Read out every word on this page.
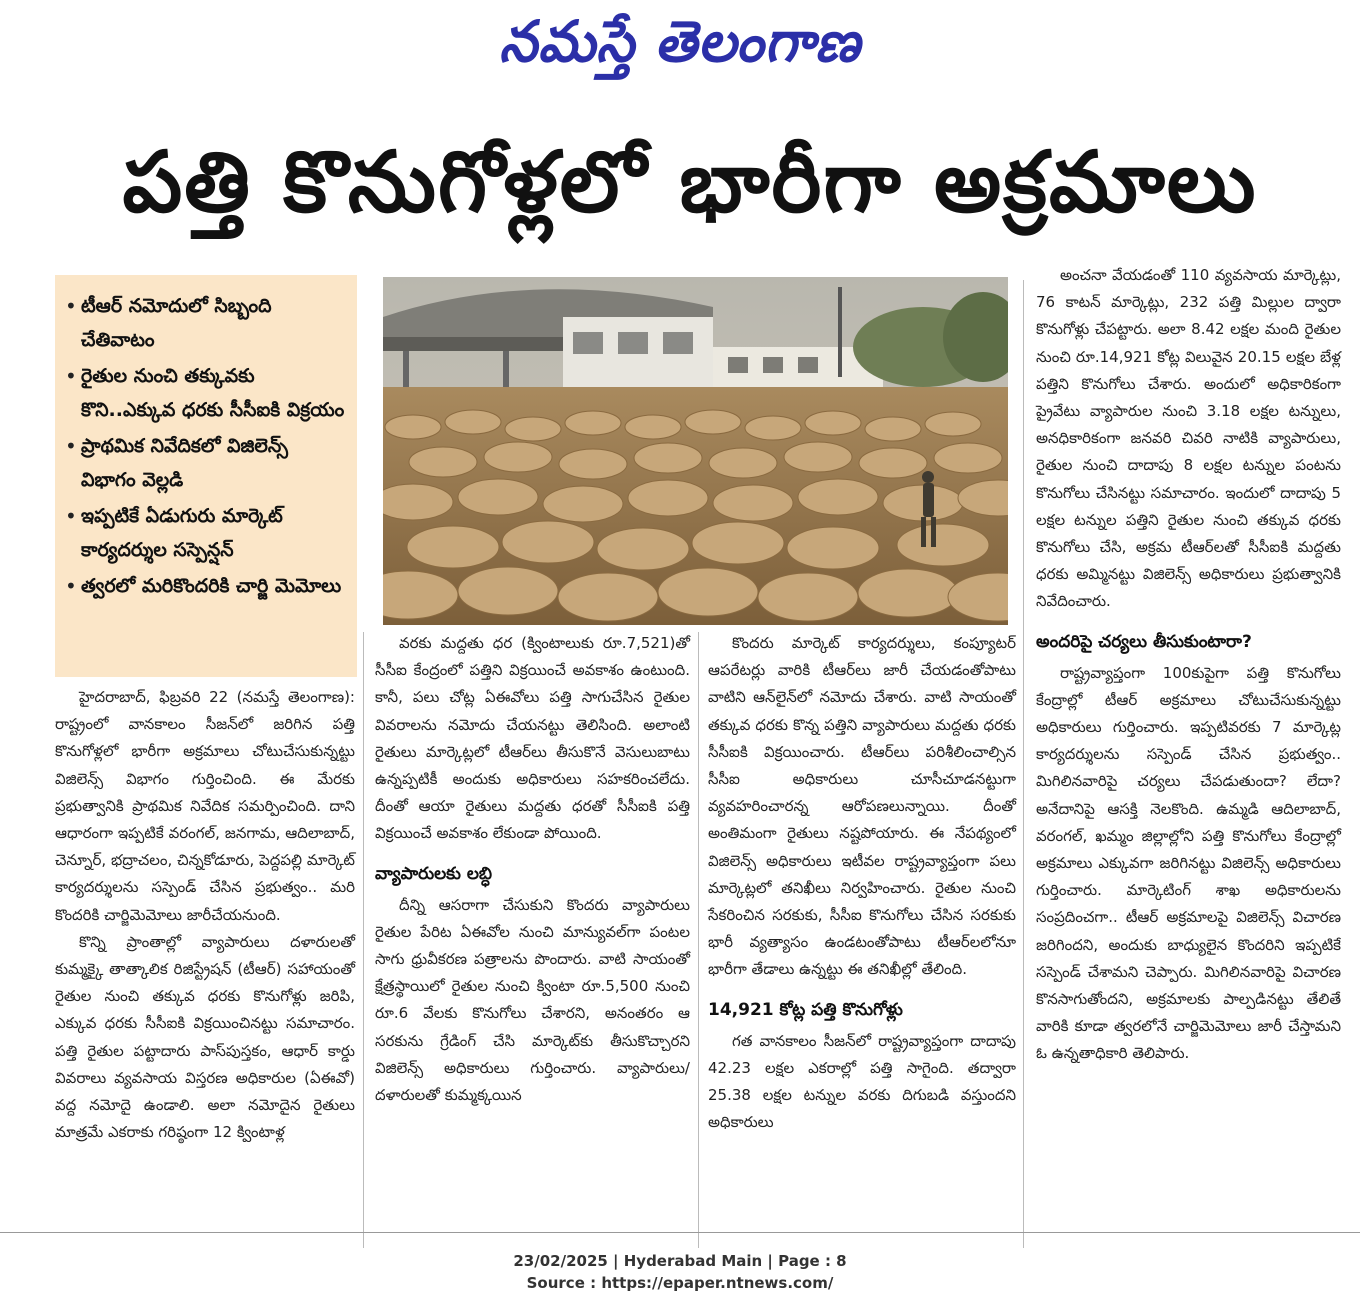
నమస్తే తెలంగాణ
పత్తి కొనుగోళ్లలో భారీగా అక్రమాలు
• టీఆర్ నమోదులో సిబ్బంది చేతివాటం
• రైతుల నుంచి తక్కువకు కొని..ఎక్కువ ధరకు సీసీఐకి విక్రయం
• ప్రాథమిక నివేదికలో విజిలెన్స్ విభాగం వెల్లడి
• ఇప్పటికే ఏడుగురు మార్కెట్ కార్యదర్శుల సస్పెన్షన్
• త్వరలో మరికొందరికి చార్జి మెమోలు

హైదరాబాద్, ఫిబ్రవరి 22 (నమస్తే తెలంగాణ): రాష్ట్రంలో వానకాలం సీజన్‌లో జరిగిన పత్తి కొనుగోళ్లలో భారీగా అక్రమాలు చోటుచేసుకున్నట్టు విజిలెన్స్ విభాగం గుర్తించింది. ఈ మేరకు ప్రభుత్వానికి ప్రాథమిక నివేదిక సమర్పించింది. దాని ఆధారంగా ఇప్పటికే వరంగల్, జనగామ, ఆదిలాబాద్, చెన్నూర్, భద్రాచలం, చిన్నకోడూరు, పెద్దపల్లి మార్కెట్ కార్యదర్శులను సస్పెండ్ చేసిన ప్రభుత్వం.. మరి కొందరికి చార్జిమెమోలు జారీచేయనుంది.

కొన్ని ప్రాంతాల్లో వ్యాపారులు దళారులతో కుమ్మక్కై తాత్కాలిక రిజిస్ట్రేషన్ (టీఆర్) సహాయంతో రైతుల నుంచి తక్కువ ధరకు కొనుగోళ్లు జరిపి, ఎక్కువ ధరకు సీసీఐకి విక్రయించినట్టు సమాచారం. పత్తి రైతుల పట్టాదారు పాస్‌పుస్తకం, ఆధార్ కార్డు వివరాలు వ్యవసాయ విస్తరణ అధికారుల (ఏఈవో) వద్ద నమోదై ఉండాలి. అలా నమోదైన రైతులు మాత్రమే ఎకరాకు గరిష్ఠంగా 12 క్వింటాళ్ల

వరకు మద్దతు ధర (క్వింటాలుకు రూ.7,521)తో సీసీఐ కేంద్రంలో పత్తిని విక్రయించే అవకాశం ఉంటుంది. కానీ, పలు చోట్ల ఏఈవోలు పత్తి సాగుచేసిన రైతుల వివరాలను నమోదు చేయనట్టు తెలిసింది. అలాంటి రైతులు మార్కెట్లలో టీఆర్‌లు తీసుకొనే వెసులుబాటు ఉన్నప్పటికీ అందుకు అధికారులు సహకరించలేదు. దీంతో ఆయా రైతులు మద్దతు ధరతో సీసీఐకి పత్తి విక్రయించే అవకాశం లేకుండా పోయింది.

వ్యాపారులకు లబ్ధి

దీన్ని ఆసరాగా చేసుకుని కొందరు వ్యాపారులు రైతుల పేరిట ఏఈవోల నుంచి మాన్యువల్‌గా పంటల సాగు ధ్రువీకరణ పత్రాలను పొందారు. వాటి సాయంతో క్షేత్రస్థాయిలో రైతుల నుంచి క్వింటా రూ.5,500 నుంచి రూ.6 వేలకు కొనుగోలు చేశారని, అనంతరం ఆ సరకును గ్రేడింగ్ చేసి మార్కెట్‌కు తీసుకొచ్చారని విజిలెన్స్ అధికారులు గుర్తించారు. వ్యాపారులు/దళారులతో కుమ్మక్కయిన

కొందరు మార్కెట్ కార్యదర్శులు, కంప్యూటర్ ఆపరేటర్లు వారికి టీఆర్‌లు జారీ చేయడంతోపాటు వాటిని ఆన్‌లైన్‌లో నమోదు చేశారు. వాటి సాయంతో తక్కువ ధరకు కొన్న పత్తిని వ్యాపారులు మద్దతు ధరకు సీసీఐకి విక్రయించారు. టీఆర్‌లు పరిశీలించాల్సిన సీసీఐ అధికారులు చూసీచూడనట్టుగా వ్యవహరించారన్న ఆరోపణలున్నాయి. దీంతో అంతిమంగా రైతులు నష్టపోయారు. ఈ నేపథ్యంలో విజిలెన్స్ అధికారులు ఇటీవల రాష్ట్రవ్యాప్తంగా పలు మార్కెట్లలో తనిఖీలు నిర్వహించారు. రైతుల నుంచి సేకరించిన సరకుకు, సీసీఐ కొనుగోలు చేసిన సరకుకు భారీ వ్యత్యాసం ఉండటంతోపాటు టీఆర్‌లలోనూ భారీగా తేడాలు ఉన్నట్టు ఈ తనిఖీల్లో తేలింది.

14,921 కోట్ల పత్తి కొనుగోళ్లు

గత వానకాలం సీజన్‌లో రాష్ట్రవ్యాప్తంగా దాదాపు 42.23 లక్షల ఎకరాల్లో పత్తి సాగైంది. తద్వారా 25.38 లక్షల టన్నుల వరకు దిగుబడి వస్తుందని అధికారులు

అంచనా వేయడంతో 110 వ్యవసాయ మార్కెట్లు, 76 కాటన్ మార్కెట్లు, 232 పత్తి మిల్లుల ద్వారా కొనుగోళ్లు చేపట్టారు. అలా 8.42 లక్షల మంది రైతుల నుంచి రూ.14,921 కోట్ల విలువైన 20.15 లక్షల బేళ్ల పత్తిని కొనుగోలు చేశారు. అందులో అధికారికంగా ప్రైవేటు వ్యాపారుల నుంచి 3.18 లక్షల టన్నులు, అనధికారికంగా జనవరి చివరి నాటికి వ్యాపారులు, రైతుల నుంచి దాదాపు 8 లక్షల టన్నుల పంటను కొనుగోలు చేసినట్టు సమాచారం. ఇందులో దాదాపు 5 లక్షల టన్నుల పత్తిని రైతుల నుంచి తక్కువ ధరకు కొనుగోలు చేసి, అక్రమ టీఆర్‌లతో సీసీఐకి మద్దతు ధరకు అమ్మినట్టు విజిలెన్స్ అధికారులు ప్రభుత్వానికి నివేదించారు.

అందరిపై చర్యలు తీసుకుంటారా?

రాష్ట్రవ్యాప్తంగా 100కుపైగా పత్తి కొనుగోలు కేంద్రాల్లో టీఆర్ అక్రమాలు చోటుచేసుకున్నట్టు అధికారులు గుర్తించారు. ఇప్పటివరకు 7 మార్కెట్ల కార్యదర్శులను సస్పెండ్ చేసిన ప్రభుత్వం.. మిగిలినవారిపై చర్యలు చేపడుతుందా? లేదా? అనేదానిపై ఆసక్తి నెలకొంది. ఉమ్మడి ఆదిలాబాద్, వరంగల్, ఖమ్మం జిల్లాల్లోని పత్తి కొనుగోలు కేంద్రాల్లో అక్రమాలు ఎక్కువగా జరిగినట్టు విజిలెన్స్ అధికారులు గుర్తించారు. మార్కెటింగ్ శాఖ అధికారులను సంప్రదించగా.. టీఆర్ అక్రమాలపై విజిలెన్స్ విచారణ జరిగిందని, అందుకు బాధ్యులైన కొందరిని ఇప్పటికే సస్పెండ్ చేశామని చెప్పారు. మిగిలినవారిపై విచారణ కొనసాగుతోందని, అక్రమాలకు పాల్పడినట్టు తేలితే వారికి కూడా త్వరలోనే చార్జిమెమోలు జారీ చేస్తామని ఓ ఉన్నతాధికారి తెలిపారు.

23/02/2025 | Hyderabad Main | Page : 8
Source : https://epaper.ntnews.com/
